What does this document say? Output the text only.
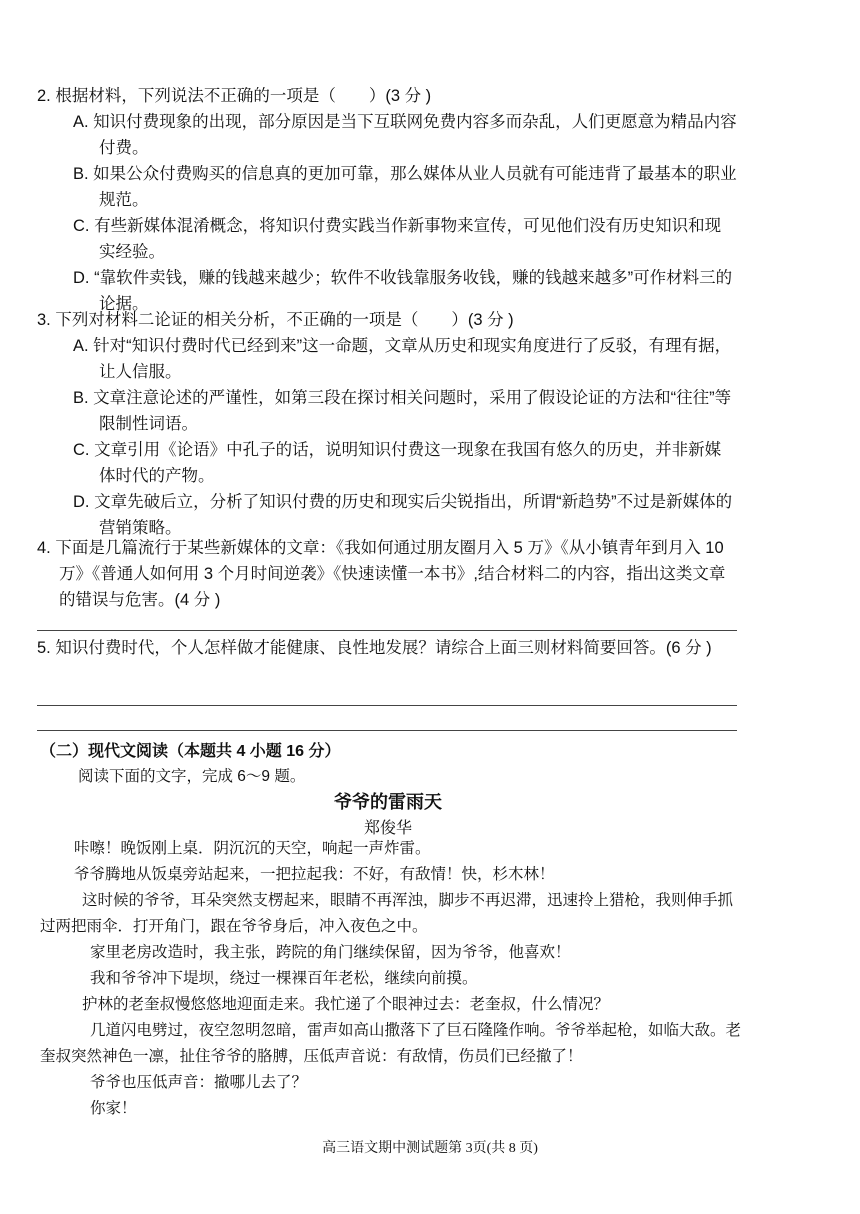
2. 根据材料，下列说法不正确的一项是（　　）(3 分 )
A. 知识付费现象的出现，部分原因是当下互联网免费内容多而杂乱，人们更愿意为精品内容付费。
B. 如果公众付费购买的信息真的更加可靠，那么媒体从业人员就有可能违背了最基本的职业规范。
C. 有些新媒体混淆概念，将知识付费实践当作新事物来宣传，可见他们没有历史知识和现实经验。
D. “靠软件卖钱，赚的钱越来越少；软件不收钱靠服务收钱，赚的钱越来越多”可作材料三的论据。
3. 下列对材料二论证的相关分析，不正确的一项是（　　）(3 分 )
A. 针对“知识付费时代已经到来”这一命题，文章从历史和现实角度进行了反驳，有理有据，让人信服。
B. 文章注意论述的严谨性，如第三段在探讨相关问题时，采用了假设论证的方法和“往往”等限制性词语。
C. 文章引用《论语》中孔子的话，说明知识付费这一现象在我国有悠久的历史，并非新媒体时代的产物。
D. 文章先破后立，分析了知识付费的历史和现实后尖锐指出，所谓“新趋势”不过是新媒体的营销策略。
4. 下面是几篇流行于某些新媒体的文章：《我如何通过朋友圈月入 5 万》《从小镇青年到月入 10 万》《普通人如何用 3 个月时间逆袭》《快速读懂一本书》,结合材料二的内容，指出这类文章的错误与危害。(4 分 )
5. 知识付费时代，个人怎样做才能健康、良性地发展？请综合上面三则材料简要回答。(6 分 )
（二）现代文阅读（本题共 4 小题 16 分）
阅读下面的文字，完成 6～9 题。
爷爷的雷雨天
郑俊华
咔嚓！晚饭刚上桌．阴沉沉的天空，响起一声炸雷。
爷爷腾地从饭桌旁站起来，一把拉起我：不好，有敌情！快，杉木林！
这时候的爷爷，耳朵突然支楞起来，眼睛不再浑浊，脚步不再迟滞，迅速拎上猎枪，我则伸手抓过两把雨伞．打开角门，跟在爷爷身后，冲入夜色之中。
家里老房改造时，我主张，跨院的角门继续保留，因为爷爷，他喜欢！
我和爷爷冲下堤坝，绕过一棵裸百年老松，继续向前摸。
护林的老奎叔慢悠悠地迎面走来。我忙递了个眼神过去：老奎叔，什么情况？
几道闪电劈过，夜空忽明忽暗，雷声如高山撒落下了巨石隆隆作响。爷爷举起枪，如临大敌。老奎叔突然神色一凛，扯住爷爷的胳膊，压低声音说：有敌情，伤员们已经撤了！
爷爷也压低声音：撤哪儿去了？
你家！
高三语文期中测试题第 3页(共 8 页)
